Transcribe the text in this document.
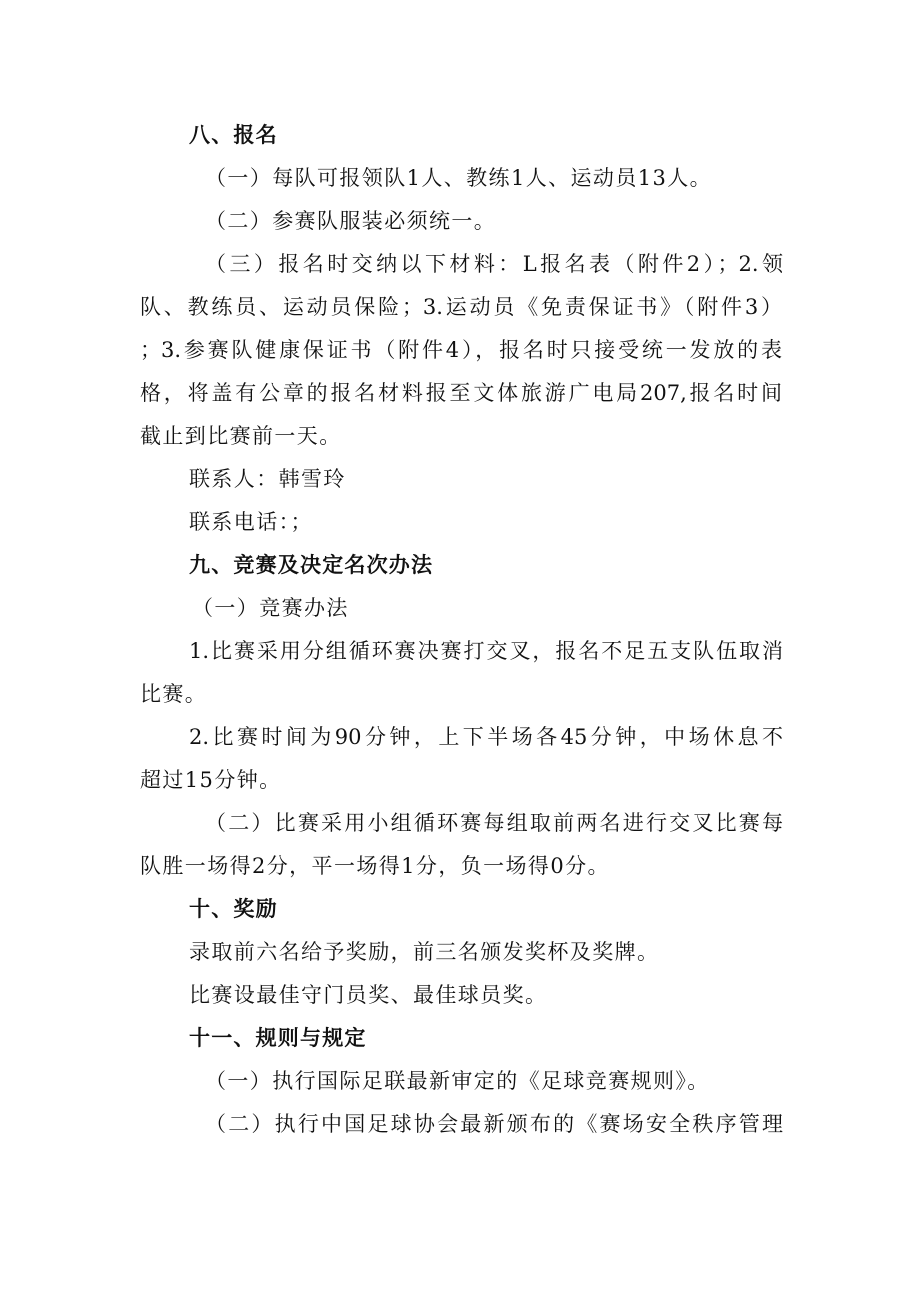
八、报名
（一）每队可报领队1人、教练1人、运动员13人。
（二）参赛队服装必须统一。
（三）报名时交纳以下材料：L报名表（附件2）；2.领
队、教练员、运动员保险；3.运动员《免责保证书》（附件3）
；3.参赛队健康保证书（附件4），报名时只接受统一发放的表
格，将盖有公章的报名材料报至文体旅游广电局207,报名时间
截止到比赛前一天。
联系人：韩雪玲
联系电话：；
九、竞赛及决定名次办法
（一）竞赛办法
1.比赛采用分组循环赛决赛打交叉，报名不足五支队伍取消
比赛。
2.比赛时间为90分钟，上下半场各45分钟，中场休息不
超过15分钟。
（二）比赛采用小组循环赛每组取前两名进行交叉比赛每
队胜一场得2分，平一场得1分，负一场得0分。
十、奖励
录取前六名给予奖励，前三名颁发奖杯及奖牌。
比赛设最佳守门员奖、最佳球员奖。
十一、规则与规定
（一）执行国际足联最新审定的《足球竞赛规则》。
（二）执行中国足球协会最新颁布的《赛场安全秩序管理
